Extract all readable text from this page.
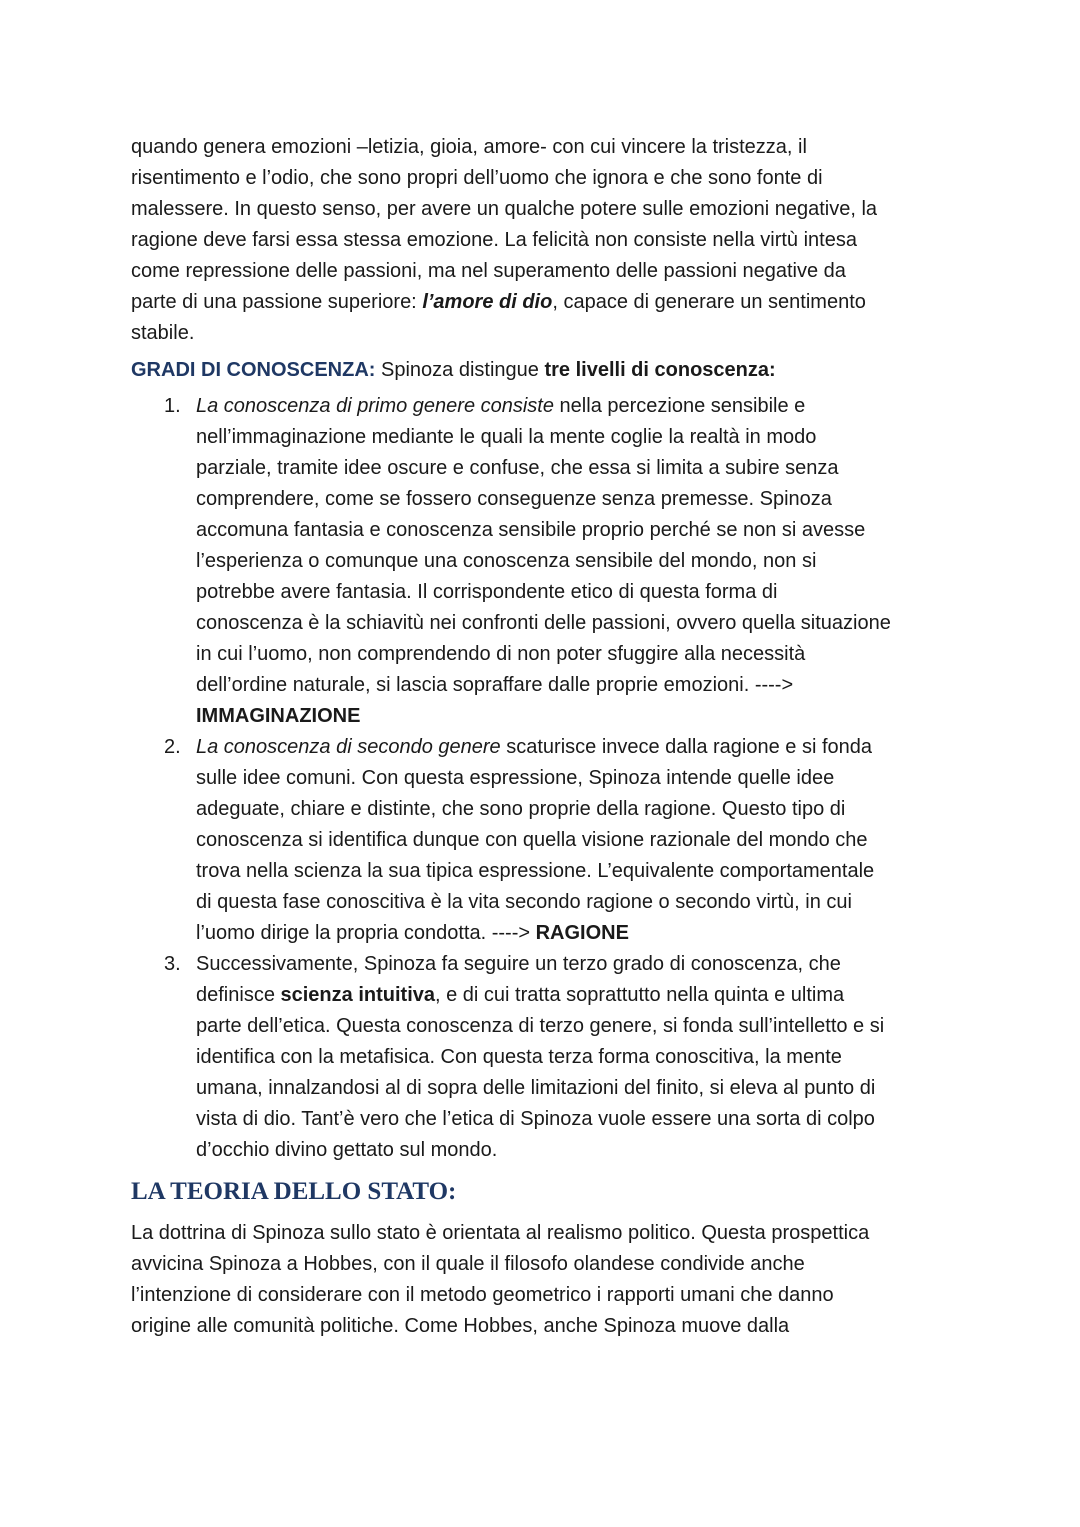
quando genera emozioni –letizia, gioia, amore- con cui vincere la tristezza, il
risentimento e l’odio, che sono propri dell’uomo che ignora e che sono fonte di
malessere. In questo senso, per avere un qualche potere sulle emozioni negative, la
ragione deve farsi essa stessa emozione. La felicità non consiste nella virtù intesa
come repressione delle passioni, ma nel superamento delle passioni negative da
parte di una passione superiore: l’amore di dio, capace di generare un sentimento
stabile.

GRADI DI CONOSCENZA: Spinoza distingue tre livelli di conoscenza:
1. La conoscenza di primo genere consiste nella percezione sensibile e
nell’immaginazione mediante le quali la mente coglie la realtà in modo
parziale, tramite idee oscure e confuse, che essa si limita a subire senza
comprendere, come se fossero conseguenze senza premesse. Spinoza
accomuna fantasia e conoscenza sensibile proprio perché se non si avesse
l’esperienza o comunque una conoscenza sensibile del mondo, non si
potrebbe avere fantasia. Il corrispondente etico di questa forma di
conoscenza è la schiavitù nei confronti delle passioni, ovvero quella situazione
in cui l’uomo, non comprendendo di non poter sfuggire alla necessità
dell’ordine naturale, si lascia sopraffare dalle proprie emozioni. ---->
IMMAGINAZIONE
2. La conoscenza di secondo genere scaturisce invece dalla ragione e si fonda
sulle idee comuni. Con questa espressione, Spinoza intende quelle idee
adeguate, chiare e distinte, che sono proprie della ragione. Questo tipo di
conoscenza si identifica dunque con quella visione razionale del mondo che
trova nella scienza la sua tipica espressione. L’equivalente comportamentale
di questa fase conoscitiva è la vita secondo ragione o secondo virtù, in cui
l’uomo dirige la propria condotta. ----> RAGIONE
3. Successivamente, Spinoza fa seguire un terzo grado di conoscenza, che
definisce scienza intuitiva, e di cui tratta soprattutto nella quinta e ultima
parte dell’etica. Questa conoscenza di terzo genere, si fonda sull’intelletto e si
identifica con la metafisica. Con questa terza forma conoscitiva, la mente
umana, innalzandosi al di sopra delle limitazioni del finito, si eleva al punto di
vista di dio. Tant’è vero che l’etica di Spinoza vuole essere una sorta di colpo
d’occhio divino gettato sul mondo.
LA TEORIA DELLO STATO:

La dottrina di Spinoza sullo stato è orientata al realismo politico. Questa prospettica
avvicina Spinoza a Hobbes, con il quale il filosofo olandese condivide anche
l’intenzione di considerare con il metodo geometrico i rapporti umani che danno
origine alle comunità politiche. Come Hobbes, anche Spinoza muove dalla
